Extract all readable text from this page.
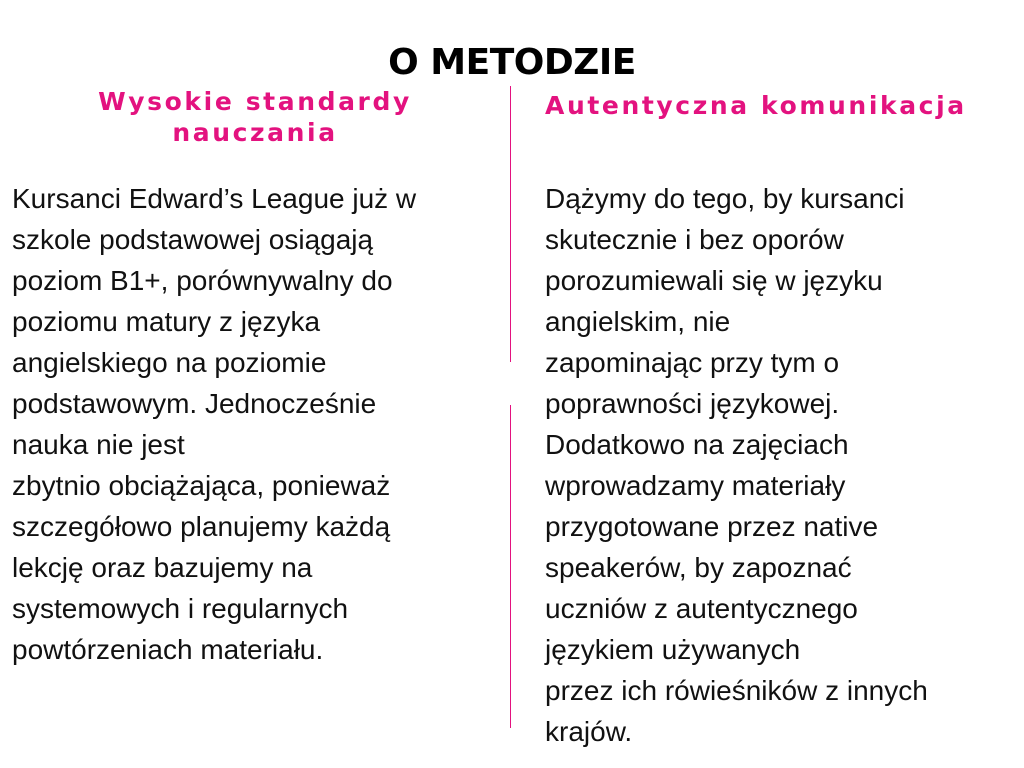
O METODZIE
Wysokie standardy
nauczania

Kursanci Edward’s League już w
szkole podstawowej osiągają
poziom B1+, porównywalny do
poziomu matury z języka
angielskiego na poziomie
podstawowym. Jednocześnie
nauka nie jest
zbytnio obciążająca, ponieważ
szczegółowo planujemy każdą
lekcję oraz bazujemy na
systemowych i regularnych
powtórzeniach materiału.

Autentyczna komunikacja

Dążymy do tego, by kursanci
skutecznie i bez oporów
porozumiewali się w języku
angielskim, nie
zapominając przy tym o
poprawności językowej.
Dodatkowo na zajęciach
wprowadzamy materiały
przygotowane przez native
speakerów, by zapoznać
uczniów z autentycznego
językiem używanych
przez ich rówieśników z innych
krajów.
